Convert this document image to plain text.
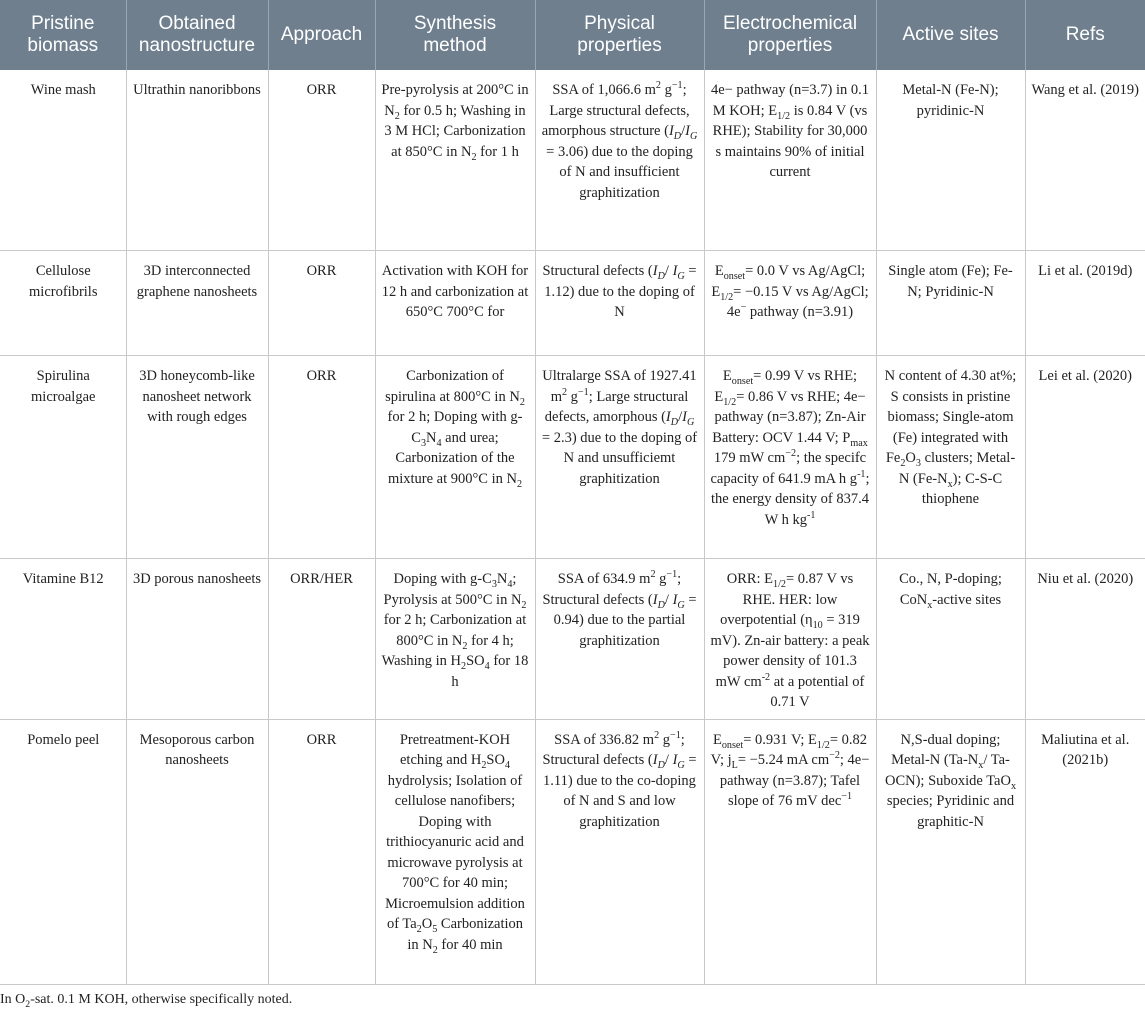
Pristine biomass	Obtained nanostructure	Approach	Synthesis method	Physical properties	Electrochemical properties	Active sites	Refs
Wine mash	Ultrathin nanoribbons	ORR	Pre-pyrolysis at 200°C in $N_2$ for 0.5 h; Washing in 3 M HCl; Carbonization at 850°C in $N_2$ for 1 h	SSA of 1,066.6 $m^2$ $g^{-1}$; Large structural defects, amorphous structure $(I_D/I_G = 3.06)$ due to the doping of N and insufficient graphitization	4e− pathway (n=3.7) in 0.1 M KOH; $E_{1/2}$ is 0.84 V (vs RHE); Stability for 30,000 s maintains 90% of initial current	Metal-N (Fe-N); pyridinic-N	Wang et al. (2019)
Cellulose microfibrils	3D interconnected graphene nanosheets	ORR	Activation with KOH for 12 h and carbonization at 650°C 700°C for	Structural defects ($I_D/$ $I_G = 1.12$) due to the doping of N	$E_{onset}= 0.0$ V vs Ag/AgCl; $E_{1/2}= -0.15$ V vs Ag/AgCl; 4e− pathway (n=3.91)	Single atom (Fe); Fe-N; Pyridinic-N	Li et al. (2019d)
Spirulina microalgae	3D honeycomb-like nanosheet network with rough edges	ORR	Carbonization of spirulina at 800°C in $N_2$ for 2 h; Doping with $g-C_3N_4$ and urea; Carbonization of the mixture at 900°C in $N_2$	Ultralarge SSA of 1927.41 $m^2$ $g^{-1}$; Large structural defects, amorphous $(I_D/I_G = 2.3)$ due to the doping of N and unsufficiemt graphitization	$E_{onset}= 0.99$ V vs RHE; $E_{1/2}= 0.86$ V vs RHE; 4e− pathway (n=3.87); Zn-Air Battery: OCV 1.44 V; $P_{max}$ 179 mW $cm^{-2}$; the specifc capacity of 641.9 mA h $g^{-1}$; the energy density of 837.4 W h $kg^{-1}$	N content of 4.30 at%; S consists in pristine biomass; Single-atom (Fe) integrated with $Fe_2O_3$ clusters; Metal-N $(Fe-N_x)$; C-S-C thiophene	Lei et al. (2020)
Vitamine B12	3D porous nanosheets	ORR/HER	Doping with $g-C_3N_4$; Pyrolysis at 500°C in $N_2$ for 2 h; Carbonization at 800°C in $N_2$ for 4 h; Washing in $H_2SO_4$ for 18 h	SSA of 634.9 $m^2$ $g^{-1}$; Structural defects ($I_D/$ $I_G = 0.94$) due to the partial graphitization	ORR: $E_{1/2}= 0.87$ V vs RHE. HER: low overpotential ($\eta_{10} = 319$ mV). Zn-air battery: a peak power density of 101.3 mW $cm^{-2}$ at a potential of 0.71 V	Co., N, P-doping; CoN$_x$-active sites	Niu et al. (2020)
Pomelo peel	Mesoporous carbon nanosheets	ORR	Pretreatment-KOH etching and $H_2SO_4$ hydrolysis; Isolation of cellulose nanofibers; Doping with trithiocyanuric acid and microwave pyrolysis at 700°C for 40 min; Microemulsion addition of $Ta_2O_5$ Carbonization in $N_2$ for 40 min	SSA of 336.82 $m^2$ $g^{-1}$; Structural defects ($I_D/$ $I_G = 1.11$) due to the co-doping of N and S and low graphitization	$E_{onset}= 0.931$ V; $E_{1/2}= 0.82$ V; $j_L= -5.24$ mA $cm^{-2}$; 4e− pathway (n=3.87); Tafel slope of 76 mV dec$^{-1}$	N,S-dual doping; Metal-N ($Ta-N_x/$ Ta-OCN); Suboxide TaO$_x$ species; Pyridinic and graphitic-N	Maliutina et al. (2021b)

In $O_2$-sat. 0.1 M KOH, otherwise specifically noted.
